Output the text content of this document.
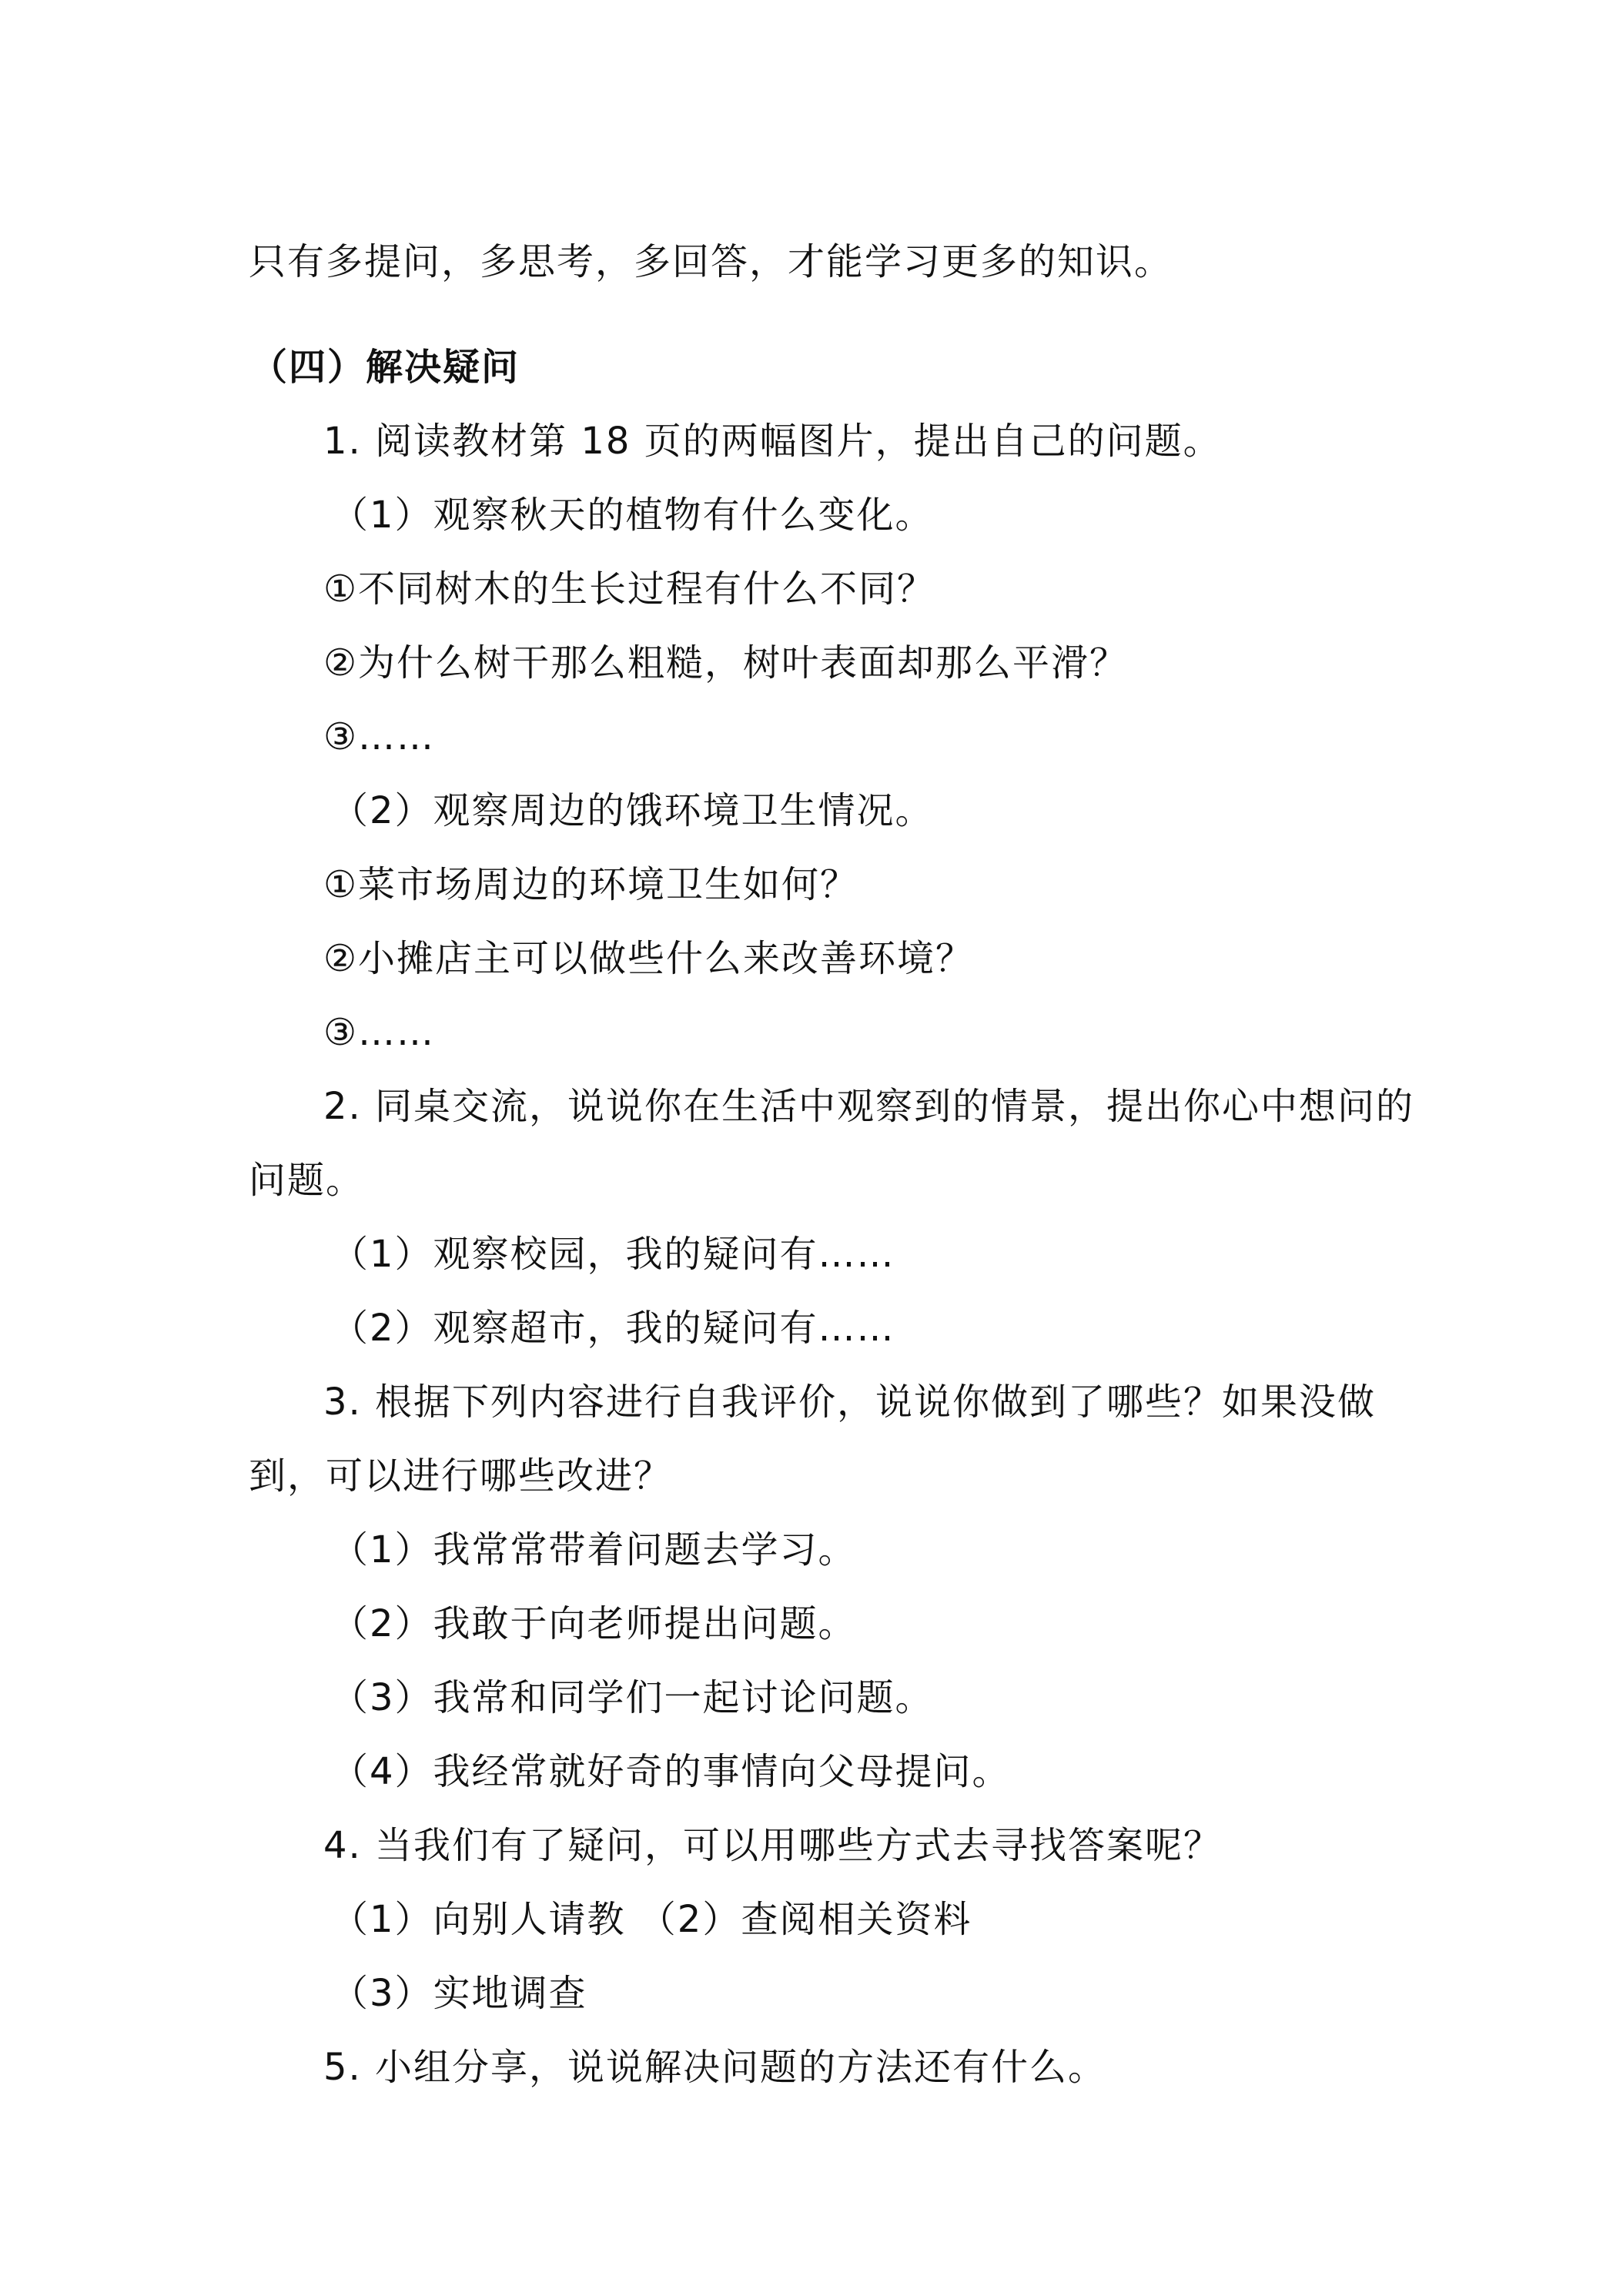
只有多提问，多思考，多回答，才能学习更多的知识。

（四）解决疑问

1. 阅读教材第 18 页的两幅图片，提出自己的问题。

（1）观察秋天的植物有什么变化。

①不同树木的生长过程有什么不同？

②为什么树干那么粗糙，树叶表面却那么平滑？

③……

（2）观察周边的饿环境卫生情况。

①菜市场周边的环境卫生如何？

②小摊店主可以做些什么来改善环境？

③……

2. 同桌交流，说说你在生活中观察到的情景，提出你心中想问的

问题。

（1）观察校园，我的疑问有……

（2）观察超市，我的疑问有……

3. 根据下列内容进行自我评价，说说你做到了哪些？如果没做

到，可以进行哪些改进？

（1）我常常带着问题去学习。

（2）我敢于向老师提出问题。

（3）我常和同学们一起讨论问题。

（4）我经常就好奇的事情向父母提问。

4. 当我们有了疑问，可以用哪些方式去寻找答案呢？

（1）向别人请教 （2）查阅相关资料

（3）实地调查

5. 小组分享，说说解决问题的方法还有什么。
